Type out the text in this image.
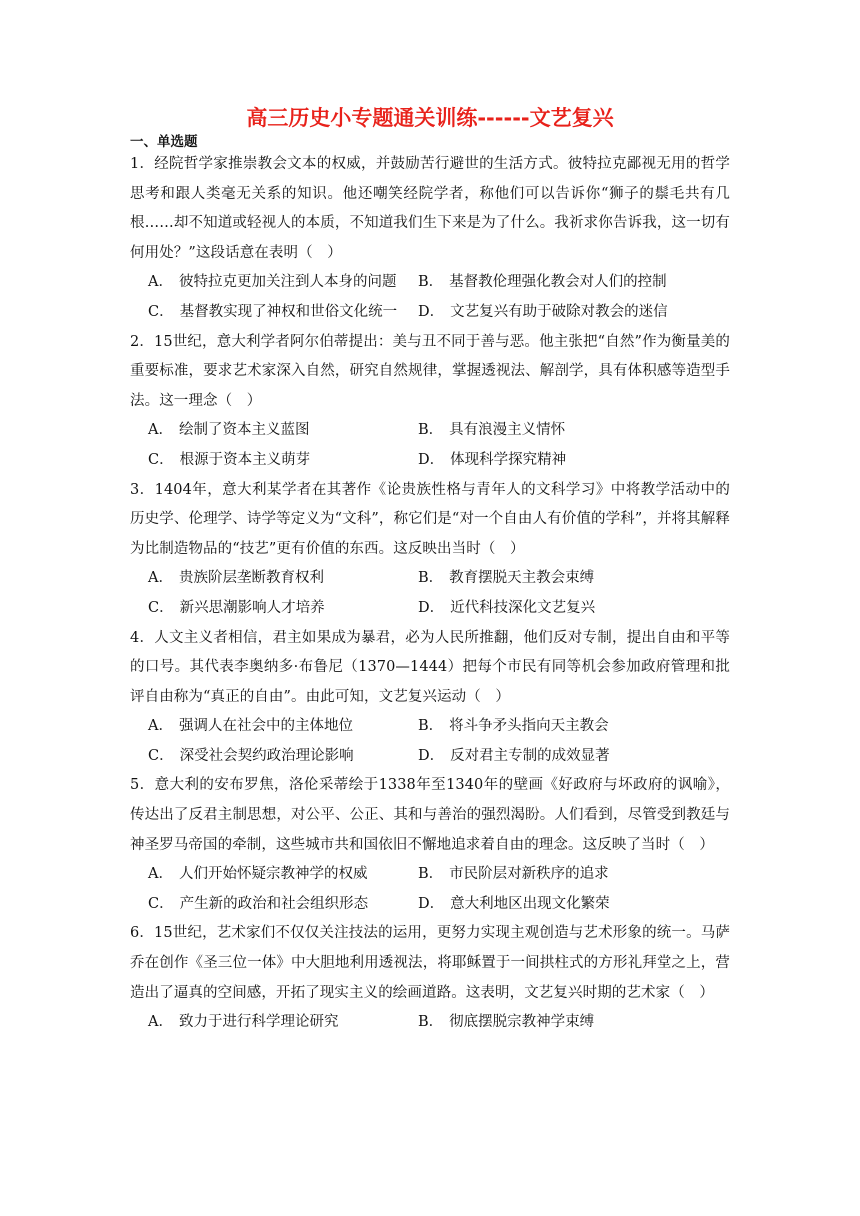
高三历史小专题通关训练------文艺复兴
一、单选题

1．经院哲学家推崇教会文本的权威，并鼓励苦行避世的生活方式。彼特拉克鄙视无用的哲学思考和跟人类毫无关系的知识。他还嘲笑经院学者，称他们可以告诉你“狮子的鬃毛共有几根……却不知道或轻视人的本质，不知道我们生下来是为了什么。我祈求你告诉我，这一切有何用处？”这段话意在表明（　）

A． 彼特拉克更加关注到人本身的问题	B． 基督教伦理强化教会对人们的控制
C． 基督教实现了神权和世俗文化统一	D． 文艺复兴有助于破除对教会的迷信

2．15世纪，意大利学者阿尔伯蒂提出：美与丑不同于善与恶。他主张把“自然”作为衡量美的重要标准，要求艺术家深入自然，研究自然规律，掌握透视法、解剖学，具有体积感等造型手法。这一理念（　）

A． 绘制了资本主义蓝图	B． 具有浪漫主义情怀
C． 根源于资本主义萌芽	D． 体现科学探究精神

3．1404年，意大利某学者在其著作《论贵族性格与青年人的文科学习》中将教学活动中的历史学、伦理学、诗学等定义为“文科”，称它们是“对一个自由人有价值的学科”，并将其解释为比制造物品的“技艺”更有价值的东西。这反映出当时（　）

A． 贵族阶层垄断教育权利	B． 教育摆脱天主教会束缚
C． 新兴思潮影响人才培养	D． 近代科技深化文艺复兴

4．人文主义者相信，君主如果成为暴君，必为人民所推翻，他们反对专制，提出自由和平等的口号。其代表李奥纳多·布鲁尼（1370—1444）把每个市民有同等机会参加政府管理和批评自由称为“真正的自由”。由此可知，文艺复兴运动（　）

A． 强调人在社会中的主体地位	B． 将斗争矛头指向天主教会
C． 深受社会契约政治理论影响	D． 反对君主专制的成效显著

5．意大利的安布罗焦，洛伦采蒂绘于1338年至1340年的壁画《好政府与坏政府的讽喻》，传达出了反君主制思想，对公平、公正、其和与善治的强烈渴盼。人们看到，尽管受到教廷与神圣罗马帝国的牵制，这些城市共和国依旧不懈地追求着自由的理念。这反映了当时（　）

A． 人们开始怀疑宗教神学的权威	B． 市民阶层对新秩序的追求
C． 产生新的政治和社会组织形态	D． 意大利地区出现文化繁荣

6．15世纪，艺术家们不仅仅关注技法的运用，更努力实现主观创造与艺术形象的统一。马萨乔在创作《圣三位一体》中大胆地利用透视法，将耶稣置于一间拱柱式的方形礼拜堂之上，营造出了逼真的空间感，开拓了现实主义的绘画道路。这表明，文艺复兴时期的艺术家（　）

A． 致力于进行科学理论研究	B． 彻底摆脱宗教神学束缚
